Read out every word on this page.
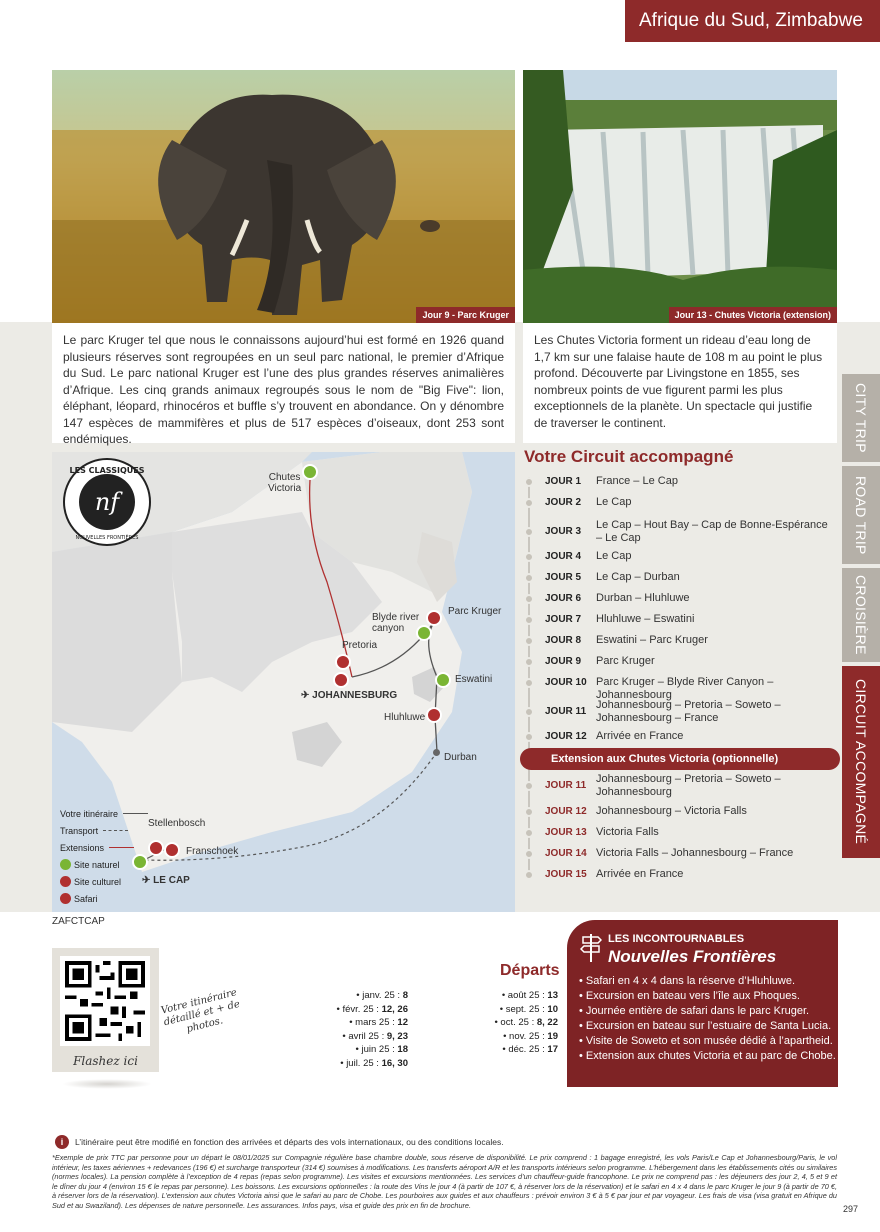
Afrique du Sud, Zimbabwe
Jour 9 - Parc Kruger	Jour 13 - Chutes Victoria (extension)
Le parc Kruger tel que nous le connaissons aujourd’hui est formé en 1926 quand plusieurs réserves sont regroupées en un seul parc national, le premier d’Afrique du Sud. Le parc national Kruger est l’une des plus grandes réserves animalières d’Afrique. Les cinq grands animaux regroupés sous le nom de "Big Five": lion, éléphant, léopard, rhinocéros et buffle s’y trouvent en abondance. On y dénombre 147 espèces de mammifères et plus de 517 espèces d’oiseaux, dont 253 sont endémiques.
Les Chutes Victoria forment un rideau d’eau long de 1,7 km sur une falaise haute de 108 m au point le plus profond. Découverte par Livingstone en 1855, ses nombreux points de vue figurent parmi les plus exceptionnels de la planète. Un spectacle qui justifie de traverser le continent.
nf
LES CLASSIQUES
NOUVELLES FRONTIÈRES
Chutes
Victoria
Parc Kruger
Blyde river
canyon
Pretoria
✈ JOHANNESBURG
Eswatini
Hluhluwe
Durban
Stellenbosch
Franschoek
✈ LE CAP
Votre itinéraire
Transport
Extensions
Site naturel
Site culturel
Safari
ZAFCTCAP
Votre Circuit accompagné
JOUR 1	France – Le Cap
JOUR 2	Le Cap
JOUR 3
Le Cap – Hout Bay – Cap de Bonne-Espérance – Le Cap
JOUR 4	Le Cap
JOUR 5	Le Cap – Durban
JOUR 6	Durban – Hluhluwe
JOUR 7	Hluhluwe – Eswatini
JOUR 8	Eswatini – Parc Kruger
JOUR 9	Parc Kruger
JOUR 10 Parc Kruger – Blyde River Canyon – Johannesbourg
JOUR 11
Johannesbourg – Pretoria – Soweto – Johannesbourg – France
JOUR 12 Arrivée en France
JOUR 11
Johannesbourg – Pretoria – Soweto – Johannesbourg
JOUR 12 Johannesbourg – Victoria Falls
JOUR 13 Victoria Falls
JOUR 14 Victoria Falls – Johannesbourg – France
JOUR 15 Arrivée en France
Extension aux Chutes Victoria (optionnelle)
CITY TRIP
ROAD TRIP
CROISIÈRE
CIRCUIT ACCOMPAGNÉ
Flashez ici
Votre itinéraire détaillé et + de photos.
Départs
• janv. 25 : 8
• févr. 25 : 12, 26
• mars 25 : 12
• avril 25 : 9, 23
• juin 25 : 18
• juil. 25 : 16, 30
• août 25 : 13
• sept. 25 : 10
• oct. 25 : 8, 22
• nov. 25 : 19
• déc. 25 : 17
LES INCONTOURNABLES
Nouvelles Frontières
• Safari en 4 x 4 dans la réserve d’Hluhluwe.
• Excursion en bateau vers l’île aux Phoques.
• Journée entière de safari dans le parc Kruger.
• Excursion en bateau sur l’estuaire de Santa Lucia.
• Visite de Soweto et son musée dédié à l’apartheid.
• Extension aux chutes Victoria et au parc de Chobe.
i	L’itinéraire peut être modifié en fonction des arrivées et départs des vols internationaux, ou des conditions locales.
*Exemple de prix TTC par personne pour un départ le 08/01/2025 sur Compagnie régulière base chambre double, sous réserve de disponibilité. Le prix comprend : 1 bagage enregistré, les vols Paris/Le Cap et Johannesbourg/Paris, le vol intérieur, les taxes aériennes + redevances (196 €) et surcharge transporteur (314 €) soumises à modifications. Les transferts aéroport A/R et les transports intérieurs selon programme. L’hébergement dans les établissements cités ou similaires (normes locales). La pension complète à l’exception de 4 repas (repas selon programme). Les visites et excursions mentionnées. Les services d’un chauffeur-guide francophone. Le prix ne comprend pas : les déjeuners des jour 2, 4, 5 et 9 et le dîner du jour 4 (environ 15 € le repas par personne). Les boissons. Les excursions optionnelles : la route des Vins le jour 4 (à partir de 107 €, à réserver lors de la réservation) et le safari en 4 x 4 dans le parc Kruger le jour 9 (à partir de 70 €, à réserver lors de la réservation). L’extension aux chutes Victoria ainsi que le safari au parc de Chobe. Les pourboires aux guides et aux chauffeurs : prévoir environ 3 € à 5 € par jour et par voyageur. Les frais de visa (visa gratuit en Afrique du Sud et au Swaziland). Les dépenses de nature personnelle. Les assurances. Infos pays, visa et guide des prix en fin de brochure.	297
